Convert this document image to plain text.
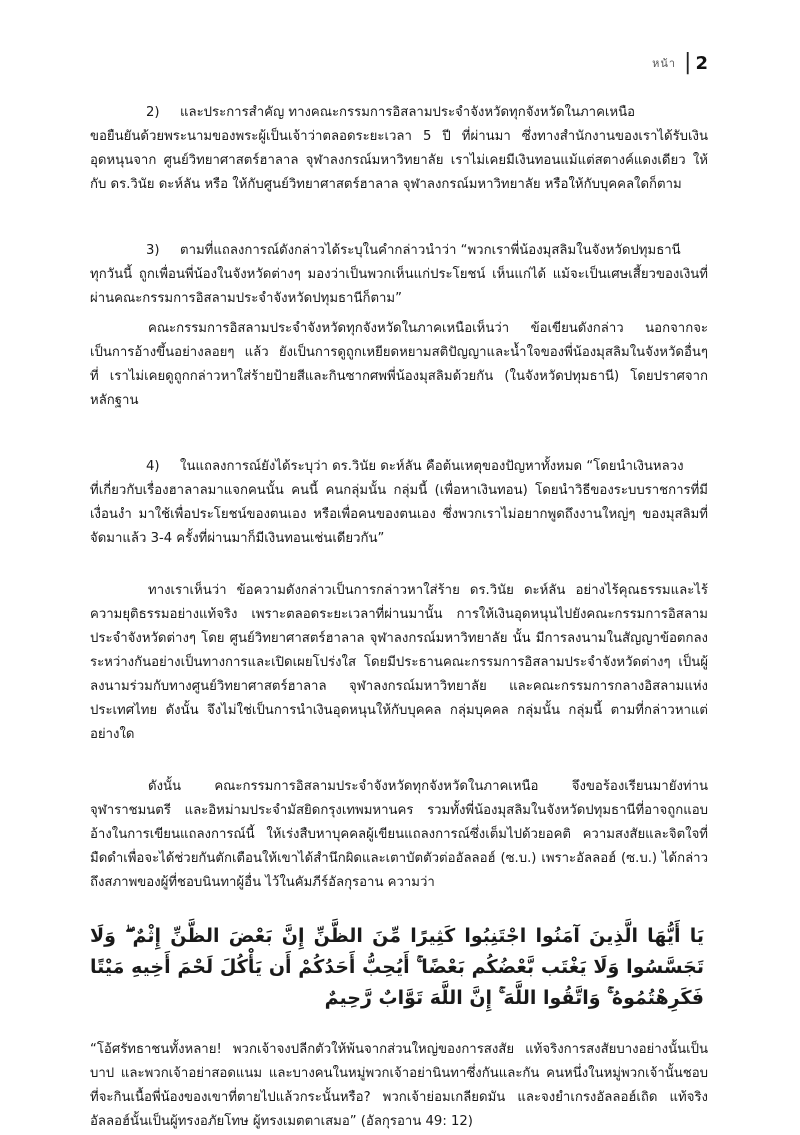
หน้า | 2
2)	และประการสำคัญ ทางคณะกรรมการอิสลามประจำจังหวัดทุกจังหวัดในภาคเหนือ

ขอยืนยันด้วยพระนามของพระผู้เป็นเจ้าว่าตลอดระยะเวลา 5 ปี ที่ผ่านมา ซึ่งทางสำนักงานของเราได้รับเงินอุดหนุนจาก ศูนย์วิทยาศาสตร์ฮาลาล จุฬาลงกรณ์มหาวิทยาลัย เราไม่เคยมีเงินทอนแม้แต่สตางค์แดงเดียว ให้กับ ดร.วินัย ดะห์ลัน หรือ ให้กับศูนย์วิทยาศาสตร์ฮาลาล จุฬาลงกรณ์มหาวิทยาลัย หรือให้กับบุคคลใดก็ตาม

3)	ตามที่แถลงการณ์ดังกล่าวได้ระบุในคำกล่าวนำว่า “พวกเราพี่น้องมุสลิมในจังหวัดปทุมธานี

ทุกวันนี้ ถูกเพื่อนพี่น้องในจังหวัดต่างๆ มองว่าเป็นพวกเห็นแก่ประโยชน์ เห็นแก่ได้ แม้จะเป็นเศษเสี้ยวของเงินที่ผ่านคณะกรรมการอิสลามประจำจังหวัดปทุมธานีก็ตาม”

คณะกรรมการอิสลามประจำจังหวัดทุกจังหวัดในภาคเหนือเห็นว่า ข้อเขียนดังกล่าว นอกจากจะเป็นการอ้างขึ้นอย่างลอยๆ แล้ว ยังเป็นการดูถูกเหยียดหยามสติปัญญาและน้ำใจของพี่น้องมุสลิมในจังหวัดอื่นๆ ที่ เราไม่เคยดูถูกกล่าวหาใส่ร้ายป้ายสีและกินซากศพพี่น้องมุสลิมด้วยกัน (ในจังหวัดปทุมธานี) โดยปราศจากหลักฐาน

4)	ในแถลงการณ์ยังได้ระบุว่า ดร.วินัย ดะห์ลัน คือต้นเหตุของปัญหาทั้งหมด “โดยนำเงินหลวง

ที่เกี่ยวกับเรื่องฮาลาลมาแจกคนนั้น คนนี้ คนกลุ่มนั้น กลุ่มนี้ (เพื่อหาเงินทอน) โดยนำวิธีของระบบราชการที่มีเงื่อนงำ มาใช้เพื่อประโยชน์ของตนเอง หรือเพื่อคนของตนเอง ซึ่งพวกเราไม่อยากพูดถึงงานใหญ่ๆ ของมุสลิมที่จัดมาแล้ว 3-4 ครั้งที่ผ่านมาก็มีเงินทอนเช่นเดียวกัน”

ทางเราเห็นว่า ข้อความดังกล่าวเป็นการกล่าวหาใส่ร้าย ดร.วินัย ดะห์ลัน อย่างไร้คุณธรรมและไร้ความยุติธรรมอย่างแท้จริง เพราะตลอดระยะเวลาที่ผ่านมานั้น การให้เงินอุดหนุนไปยังคณะกรรมการอิสลามประจำจังหวัดต่างๆ โดย ศูนย์วิทยาศาสตร์ฮาลาล จุฬาลงกรณ์มหาวิทยาลัย นั้น มีการลงนามในสัญญาข้อตกลงระหว่างกันอย่างเป็นทางการและเปิดเผยโปร่งใส โดยมีประธานคณะกรรมการอิสลามประจำจังหวัดต่างๆ เป็นผู้ลงนามร่วมกับทางศูนย์วิทยาศาสตร์ฮาลาล จุฬาลงกรณ์มหาวิทยาลัย และคณะกรรมการกลางอิสลามแห่งประเทศไทย ดังนั้น จึงไม่ใช่เป็นการนำเงินอุดหนุนให้กับบุคคล กลุ่มบุคคล กลุ่มนั้น กลุ่มนี้ ตามที่กล่าวหาแต่อย่างใด

ดังนั้น คณะกรรมการอิสลามประจำจังหวัดทุกจังหวัดในภาคเหนือ จึงขอร้องเรียนมายังท่านจุฬาราชมนตรี และอิหม่ามประจำมัสยิดกรุงเทพมหานคร รวมทั้งพี่น้องมุสลิมในจังหวัดปทุมธานีที่อาจถูกแอบอ้างในการเขียนแถลงการณ์นี้ ให้เร่งสืบหาบุคคลผู้เขียนแถลงการณ์ซึ่งเต็มไปด้วยอคติ ความสงสัยและจิตใจที่มืดดำเพื่อจะได้ช่วยกันตักเตือนให้เขาได้สำนึกผิดและเตาบัตตัวต่ออัลลอฮ์ (ซ.บ.) เพราะอัลลอฮ์ (ซ.บ.) ได้กล่าวถึงสภาพของผู้ที่ชอบนินทาผู้อื่น ไว้ในคัมภีร์อัลกุรอาน ความว่า

يَا أَيُّهَا الَّذِينَ آمَنُوا اجْتَنِبُوا كَثِيرًا مِّنَ الظَّنِّ إِنَّ بَعْضَ الظَّنِّ إِثْمٌ ۖ وَلَا تَجَسَّسُوا وَلَا يَغْتَب بَّعْضُكُم بَعْضًا ۚ أَيُحِبُّ أَحَدُكُمْ أَن يَأْكُلَ لَحْمَ أَخِيهِ مَيْتًا فَكَرِهْتُمُوهُ ۚ وَاتَّقُوا اللَّهَ ۚ إِنَّ اللَّهَ تَوَّابٌ رَّحِيمٌ

“โอ้ศรัทธาชนทั้งหลาย! พวกเจ้าจงปลีกตัวให้พ้นจากส่วนใหญ่ของการสงสัย แท้จริงการสงสัยบางอย่างนั้นเป็นบาป และพวกเจ้าอย่าสอดแนม และบางคนในหมู่พวกเจ้าอย่านินทาซึ่งกันและกัน คนหนึ่งในหมู่พวกเจ้านั้นชอบที่จะกินเนื้อพี่น้องของเขาที่ตายไปแล้วกระนั้นหรือ? พวกเจ้าย่อมเกลียดมัน และจงยำเกรงอัลลอฮ์เถิด แท้จริง อัลลอฮ์นั้นเป็นผู้ทรงอภัยโทษ ผู้ทรงเมตตาเสมอ” (อัลกุรอาน 49: 12)
